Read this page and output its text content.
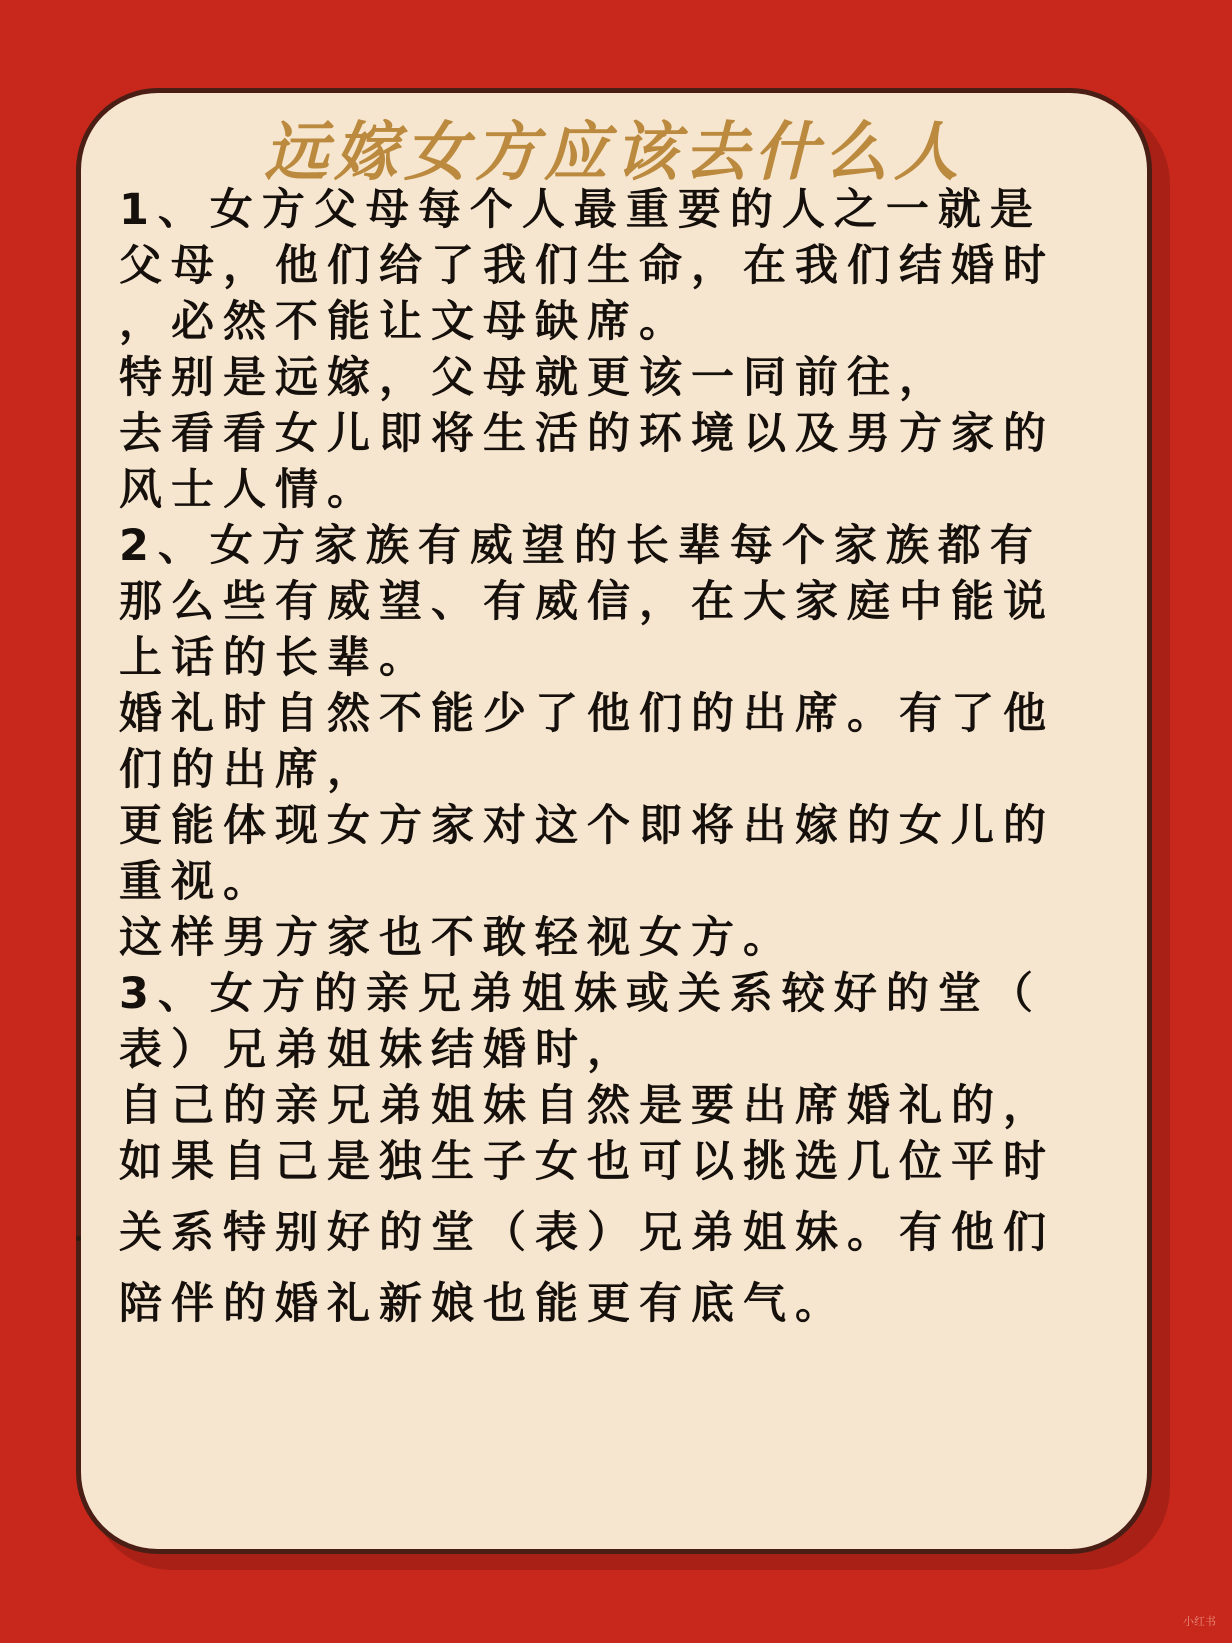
远嫁女方应该去什么人
1、女方父母每个人最重要的人之一就是
父母，他们给了我们生命，在我们结婚时
，必然不能让文母缺席。
特别是远嫁，父母就更该一同前往，
去看看女儿即将生活的环境以及男方家的
风士人情。
2、女方家族有威望的长辈每个家族都有
那么些有威望、有威信，在大家庭中能说
上话的长辈。
婚礼时自然不能少了他们的出席。有了他
们的出席，
更能体现女方家对这个即将出嫁的女儿的
重视。
这样男方家也不敢轻视女方。
3、女方的亲兄弟姐妹或关系较好的堂（
表）兄弟姐妹结婚时，
自己的亲兄弟姐妹自然是要出席婚礼的，
如果自己是独生子女也可以挑选几位平时
关系特别好的堂（表）兄弟姐妹。有他们
陪伴的婚礼新娘也能更有底气。
小红书
